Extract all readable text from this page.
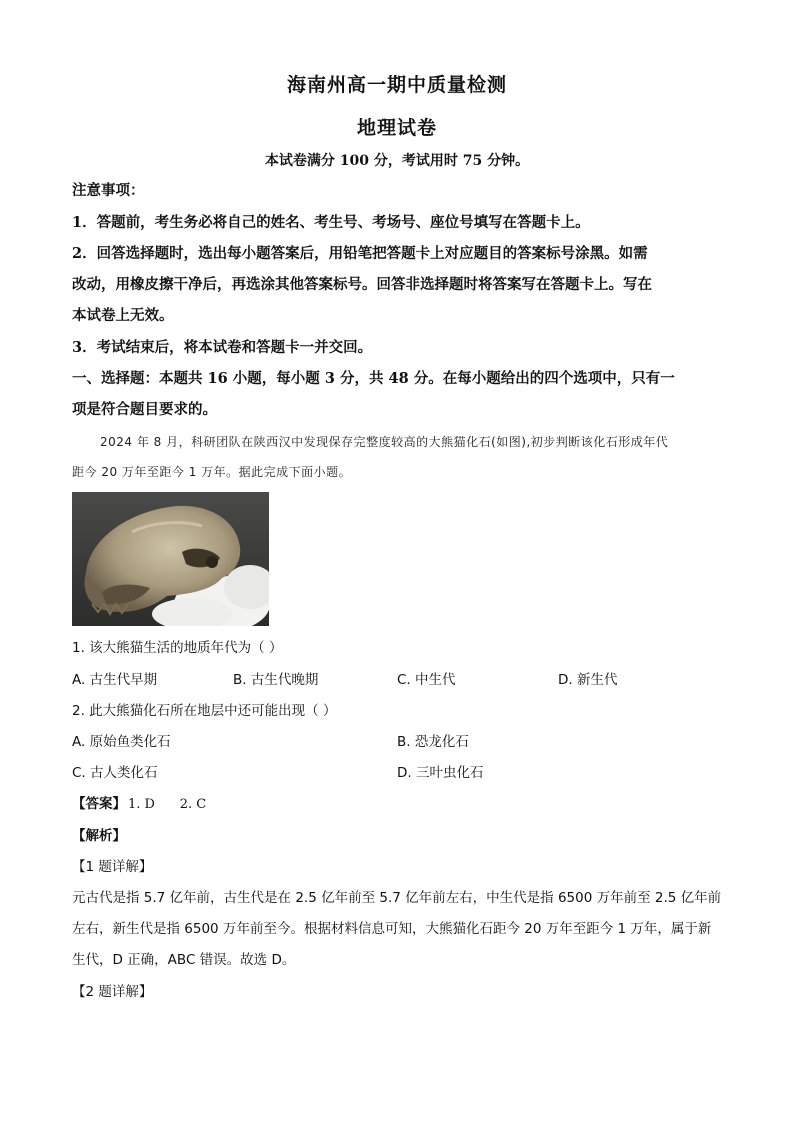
海南州高一期中质量检测
地理试卷
本试卷满分 100 分，考试用时 75 分钟。
注意事项：
1．答题前，考生务必将自己的姓名、考生号、考场号、座位号填写在答题卡上。
2．回答选择题时，选出每小题答案后，用铅笔把答题卡上对应题目的答案标号涂黑。如需
改动，用橡皮擦干净后，再选涂其他答案标号。回答非选择题时将答案写在答题卡上。写在
本试卷上无效。
3．考试结束后，将本试卷和答题卡一并交回。
一、选择题：本题共 16 小题，每小题 3 分，共 48 分。在每小题给出的四个选项中，只有一
项是符合题目要求的。
2024 年 8 月，科研团队在陕西汉中发现保存完整度较高的大熊猫化石(如图),初步判断该化石形成年代
距今 20 万年至距今 1 万年。据此完成下面小题。
1. 该大熊猫生活的地质年代为（ ）
A. 古生代早期	B. 古生代晚期	C. 中生代	D. 新生代
2. 此大熊猫化石所在地层中还可能出现（ ）
A. 原始鱼类化石	B. 恐龙化石
C. 古人类化石	D. 三叶虫化石
【答案】 1. D      2. C
【解析】
【1 题详解】
元古代是指 5.7 亿年前，古生代是在 2.5 亿年前至 5.7 亿年前左右，中生代是指 6500 万年前至 2.5 亿年前
左右，新生代是指 6500 万年前至今。根据材料信息可知，大熊猫化石距今 20 万年至距今 1 万年，属于新
生代，D 正确，ABC 错误。故选 D。
【2 题详解】
